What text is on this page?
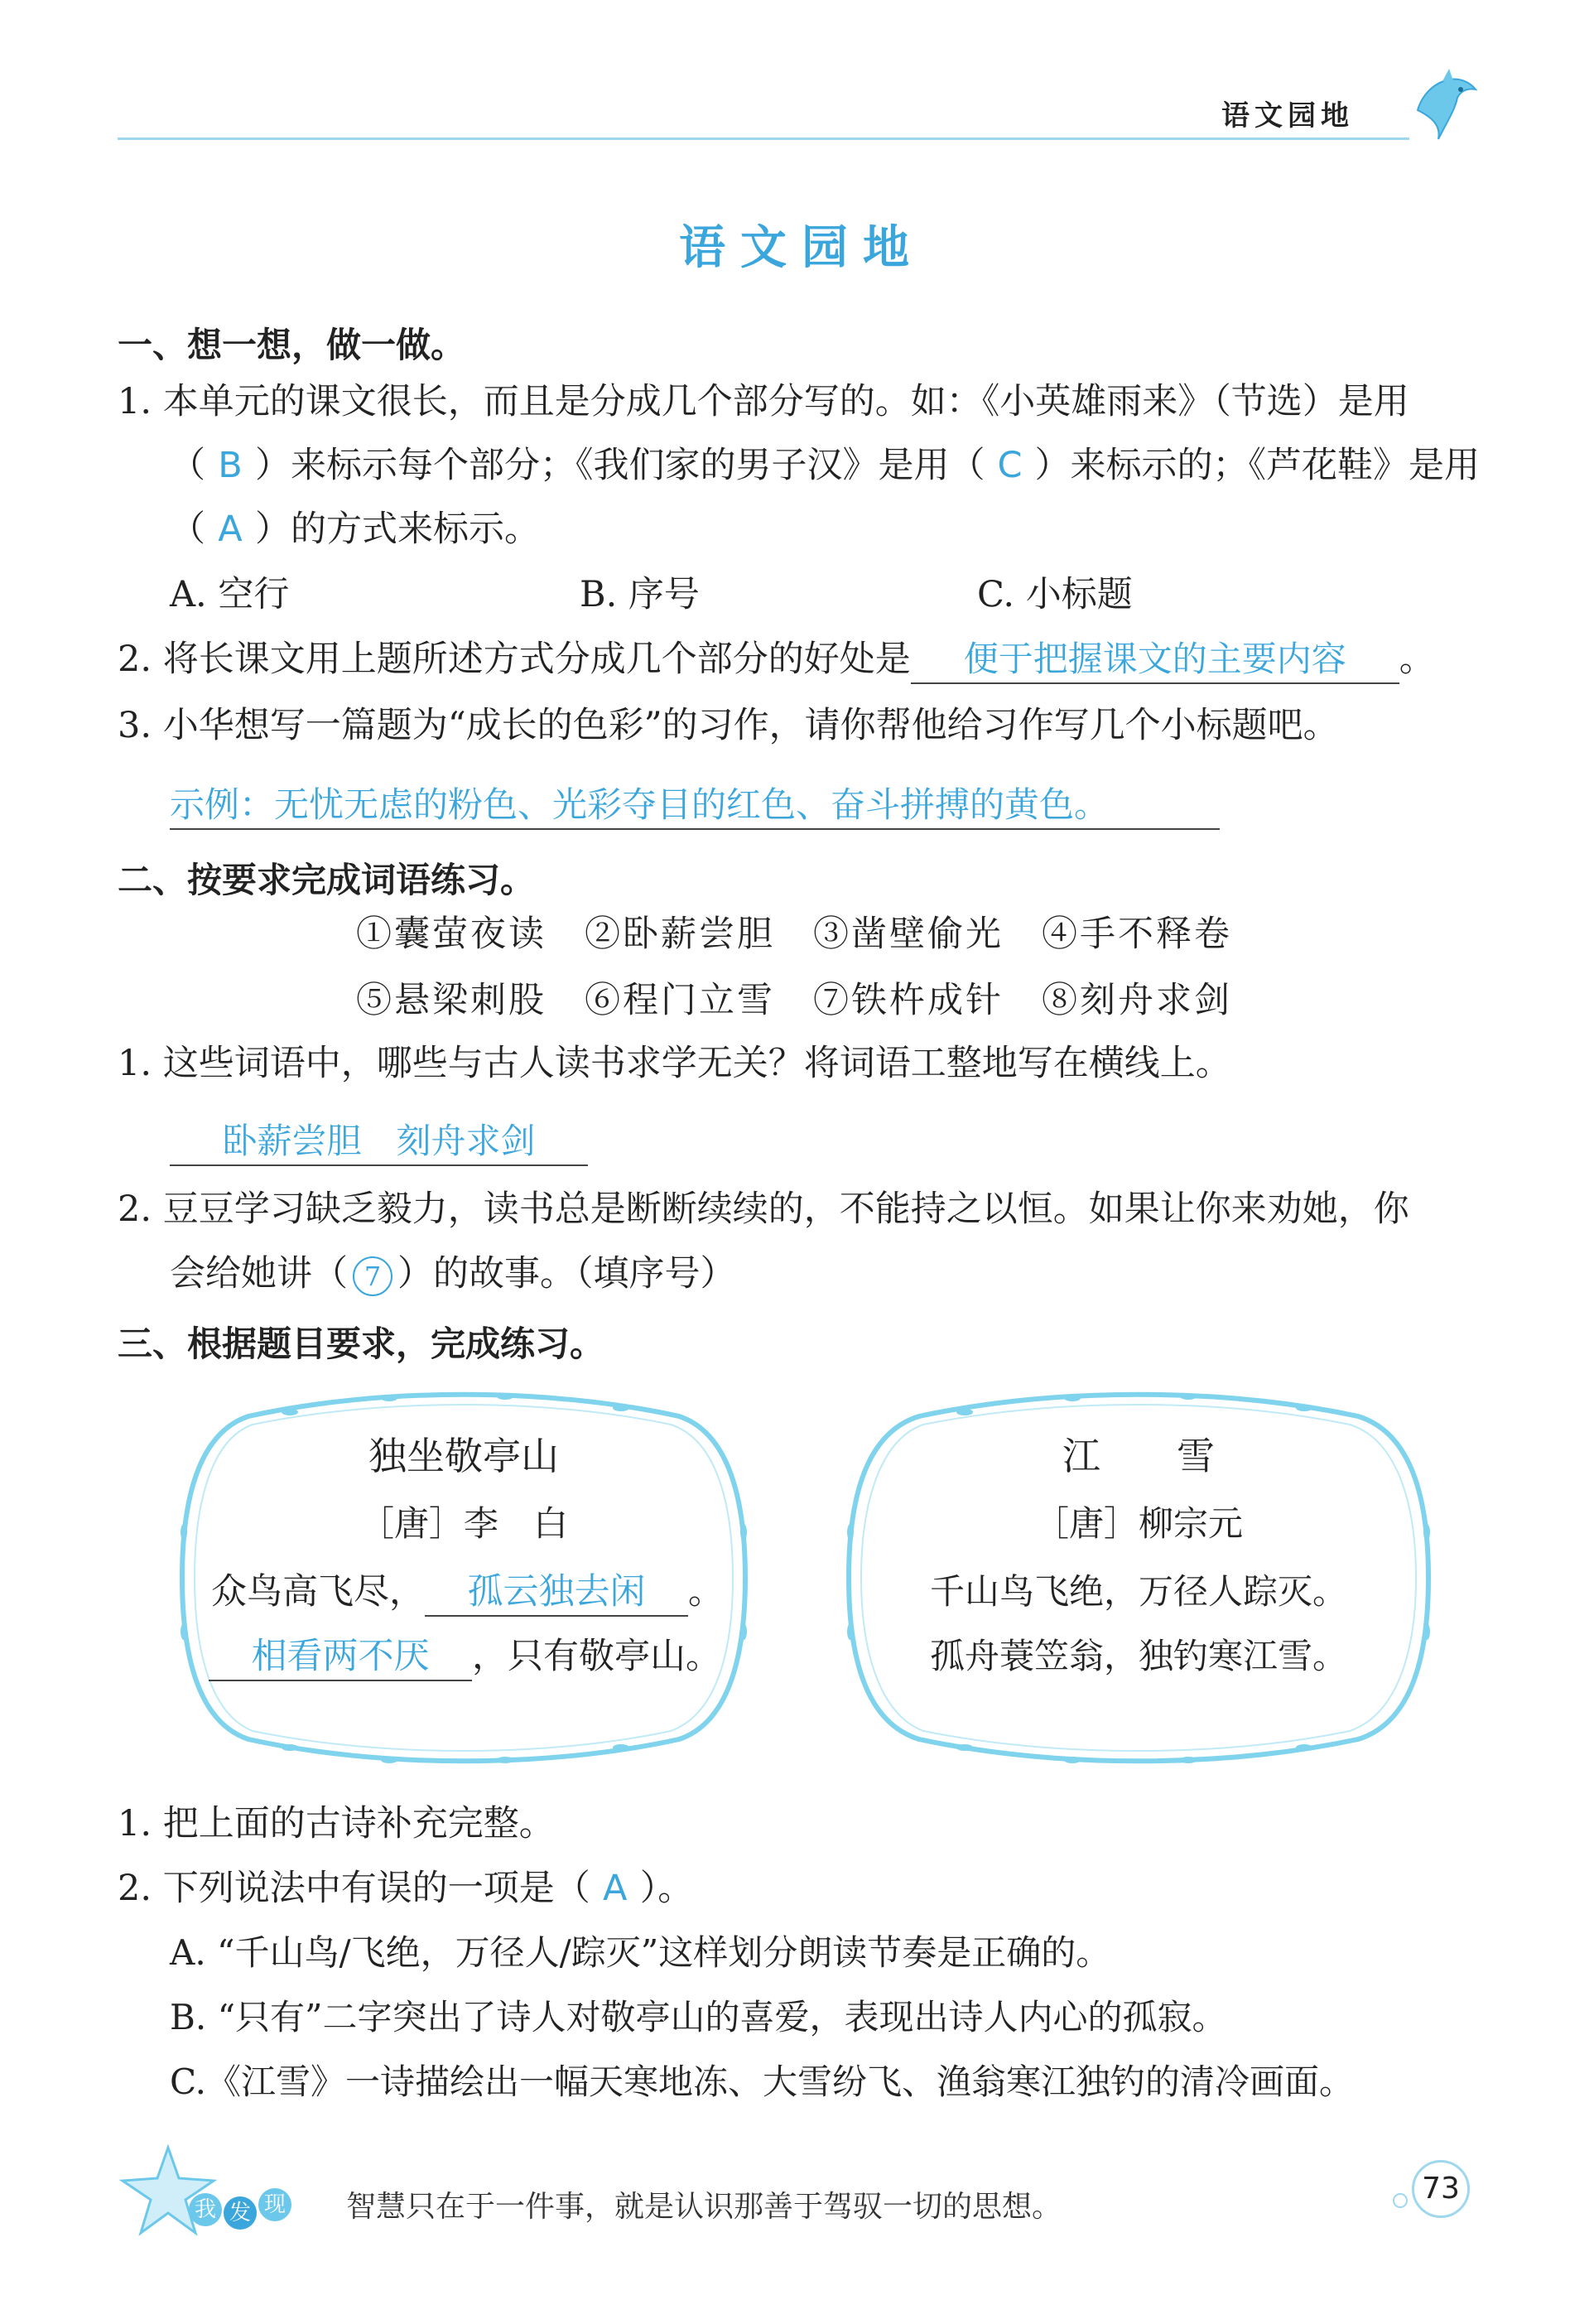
语文园地
语文园地
一、想一想，做一做。
1. 本单元的课文很长，而且是分成几个部分写的。如：《小英雄雨来》（节选）是用
（ B ）来标示每个部分；《我们家的男子汉》是用（ C ）来标示的；《芦花鞋》是用
（ A ）的方式来标示。
A. 空行	B. 序号	C. 小标题
2. 将长课文用上题所述方式分成几个部分的好处是 便于把握课文的主要内容 。
3. 小华想写一篇题为“成长的色彩”的习作，请你帮他给习作写几个小标题吧。
示例：无忧无虑的粉色、光彩夺目的红色、奋斗拼搏的黄色。
二、按要求完成词语练习。
①囊萤夜读　②卧薪尝胆　③凿壁偷光　④手不释卷
⑤悬梁刺股　⑥程门立雪　⑦铁杵成针　⑧刻舟求剑
1. 这些词语中，哪些与古人读书求学无关？将词语工整地写在横线上。
卧薪尝胆　刻舟求剑
2. 豆豆学习缺乏毅力，读书总是断断续续的，不能持之以恒。如果让你来劝她，你
会给她讲（ 7 ）的故事。（填序号）
三、根据题目要求，完成练习。
独坐敬亭山
［唐］李　白
众鸟高飞尽， 孤云独去闲 。
相看两不厌 ，只有敬亭山。
江　　雪
［唐］柳宗元
千山鸟飞绝，万径人踪灭。
孤舟蓑笠翁，独钓寒江雪。
1. 把上面的古诗补充完整。
2. 下列说法中有误的一项是（ A ）。
A. “千山鸟/飞绝，万径人/踪灭”这样划分朗读节奏是正确的。
B. “只有”二字突出了诗人对敬亭山的喜爱，表现出诗人内心的孤寂。
C.《江雪》一诗描绘出一幅天寒地冻、大雪纷飞、渔翁寒江独钓的清冷画面。
我 发 现 智慧只在于一件事，就是认识那善于驾驭一切的思想。
73
